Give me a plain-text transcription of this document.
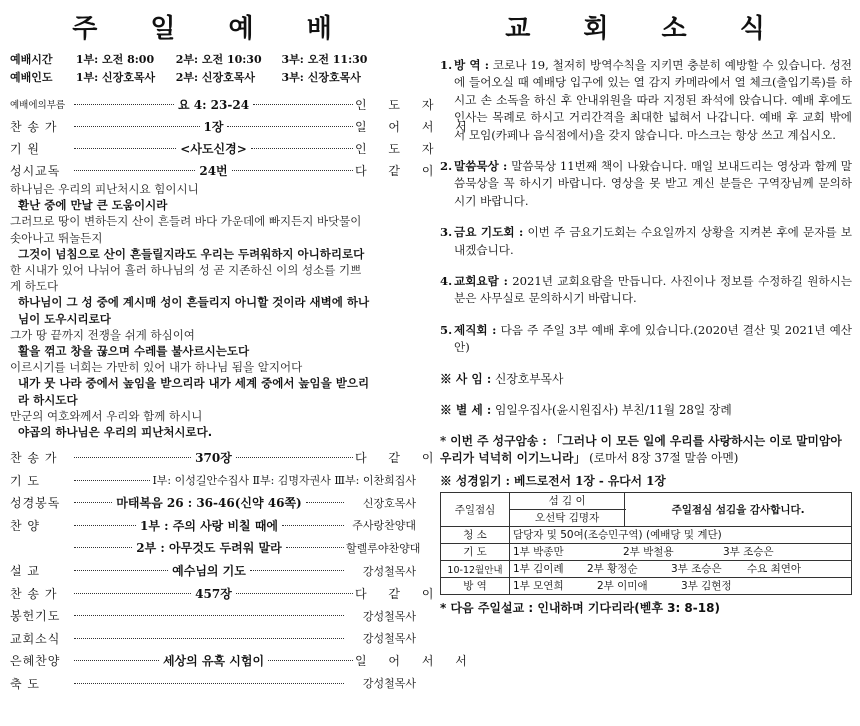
주 일 예 배
예배시간 1부: 오전 8:00 2부: 오전 10:30 3부: 오전 11:30
예배인도 1부: 신장호목사 2부: 신장호목사 3부: 신장호목사
예배에의부름	요 4: 23-24	인 도 자
찬 송 가	1장	일 어 서 서
기 원	<사도신경>	인 도 자
성시교독	24번	다 같 이
하나님은 우리의 피난처시요 힘이시니
환난 중에 만날 큰 도움이시라
그러므로 땅이 변하든지 산이 흔들려 바다 가운데에 빠지든지 바닷물이
솟아나고 뛰놀든지
그것이 넘침으로 산이 흔들릴지라도 우리는 두려워하지 아니하리로다
한 시내가 있어 나뉘어 흘러 하나님의 성 곧 지존하신 이의 성소를 기쁘
게 하도다
하나님이 그 성 중에 계시매 성이 흔들리지 아니할 것이라 새벽에 하나
님이 도우시리로다
그가 땅 끝까지 전쟁을 쉬게 하심이여
활을 꺾고 창을 끊으며 수레를 불사르시는도다
이르시기를 너희는 가만히 있어 내가 하나님 됨을 알지어다
내가 뭇 나라 중에서 높임을 받으리라 내가 세계 중에서 높임을 받으리
라 하시도다
만군의 여호와께서 우리와 함께 하시니
야곱의 하나님은 우리의 피난처시로다.
찬 송 가	370장	다 같 이
기 도	Ⅰ부: 이성길안수집사 Ⅱ부: 김명자권사 Ⅲ부: 이찬희집사
성경봉독	마태복음 26 : 36-46(신약 46쪽)	신장호목사
찬 양	1부 : 주의 사랑 비칠 때에	주사랑찬양대
2부 : 아무것도 두려워 말라	할렐루야찬양대
설 교	예수님의 기도	강성철목사
찬 송 가	457장	다 같 이
봉헌기도	강성철목사
교회소식	강성철목사
은혜찬양	세상의 유혹 시험이	일 어 서 서
축 도	강성철목사
교 회 소 식
1. 방 역 : 코로나 19, 철저히 방역수칙을 지키면 충분히 예방할 수 있습니다. 성전에 들어오실 때 예배당 입구에 있는 열 감지 카메라에서 열 체크(출입기록)를 하시고 손 소독을 하신 후 안내위원을 따라 지정된 좌석에 앉습니다. 예배 후에도 인사는 목례로 하시고 거리간격을 최대한 넓혀서 나갑니다. 예배 후 교회 밖에서 모임(카페나 음식점에서)을 갖지 않습니다. 마스크는 항상 쓰고 계십시오.
2. 말씀묵상 : 말씀묵상 11번째 책이 나왔습니다. 매일 보내드리는 영상과 함께 말씀묵상을 꼭 하시기 바랍니다. 영상을 못 받고 계신 분들은 구역장님께 문의하시기 바랍니다.
3. 금요 기도회 : 이번 주 금요기도회는 수요일까지 상황을 지켜본 후에 문자를 보내겠습니다.
4. 교회요람 : 2021년 교회요람을 만듭니다. 사진이나 정보를 수정하길 원하시는 분은 사무실로 문의하시기 바랍니다.
5. 제직회 : 다음 주 주일 3부 예배 후에 있습니다.(2020년 결산 및 2021년 예산안)
※ 사 임 : 신장호부목사
※ 별 세 : 임일우집사(윤시원집사) 부친/11월 28일 장례
* 이번 주 성구암송 : 「그러나 이 모든 일에 우리를 사랑하시는 이로 말미암아 우리가 넉넉히 이기느니라」 (로마서 8장 37절 말씀 아멘)
※ 성경읽기 : 베드로전서 1장 - 유다서 1장
주일점심	섬 김 이	주일점심 섬김을 감사합니다.
	오선탁 김명자	
청 소	담당자 및 50여(조승민구역) (예배당 및 계단)	
기 도	1부 박종만 2부 박철용 3부 조승은	
10-12월안내	1부 김이례 2부 황정순 3부 조승은 수요 최연아	
방 역	1부 모연희 2부 이미애 3부 김현정	
* 다음 주일설교 : 인내하며 기다리라(벧후 3: 8-18)
